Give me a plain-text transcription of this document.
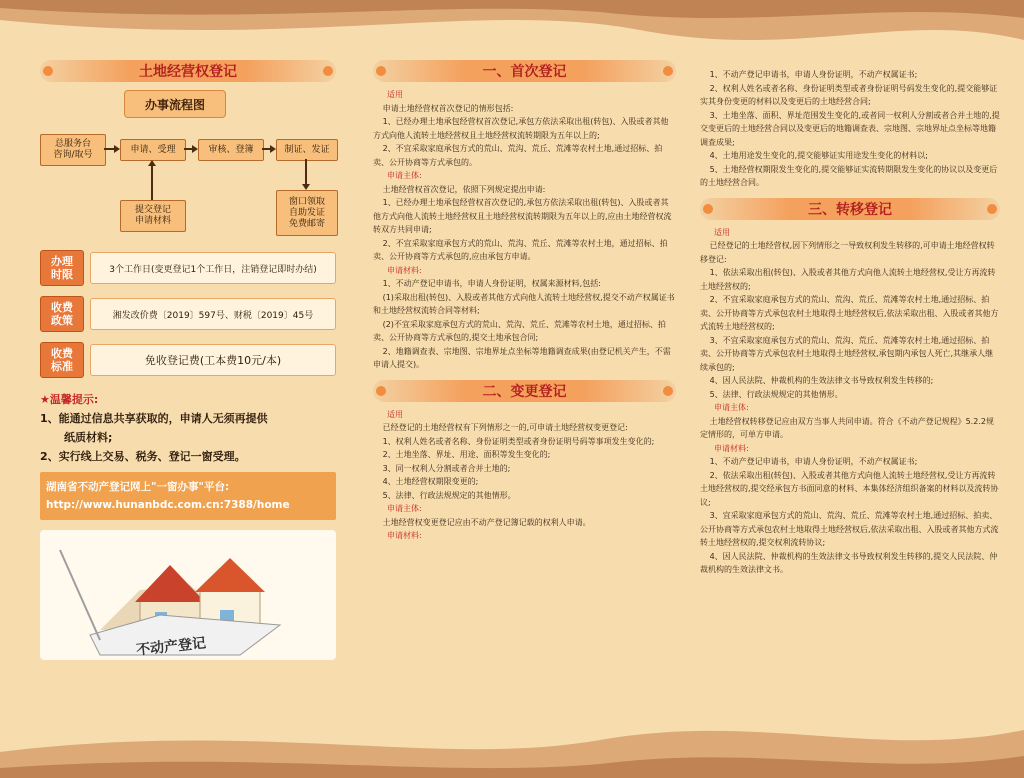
土地经营权登记
办事流程图
总服务台
咨询/取号
申请、受理	审核、登簿	制证、发证
提交登记
申请材料
窗口领取
自助发证
免费邮寄
办理
时限	3个工作日(变更登记1个工作日，注销登记即时办结)
收费
政策	湘发改价费〔2019〕597号、财税〔2019〕45号
收费
标准	免收登记费(工本费10元/本)
★温馨提示:
1、能通过信息共享获取的，申请人无须再提供
纸质材料;
2、实行线上交易、税务、登记一窗受理。
湖南省不动产登记网上"一窗办事"平台:
http://www.hunanbdc.com.cn:7388/home
不动产登记
一、首次登记

适用

申请土地经营权首次登记的情形包括:

1、已经办理土地承包经营权首次登记,承包方依法采取出租(转包)、入股或者其他方式向他人流转土地经营权且土地经营权流转期限为五年以上的;

2、不宜采取家庭承包方式的荒山、荒沟、荒丘、荒滩等农村土地,通过招标、拍卖、公开协商等方式承包的。

申请主体:

土地经营权首次登记，依照下列规定提出申请:

1、已经办理土地承包经营权首次登记的,承包方依法采取出租(转包)、入股或者其他方式向他人流转土地经营权且土地经营权流转期限为五年以上的,应由土地经营权流转双方共同申请;

2、不宜采取家庭承包方式的荒山、荒沟、荒丘、荒滩等农村土地，通过招标、拍卖、公开协商等方式承包的,应由承包方申请。

申请材料:

1、不动产登记申请书，申请人身份证明，权属来源材料,包括:

(1)采取出租(转包)、入股或者其他方式向他人流转土地经营权,提交不动产权属证书和土地经营权流转合同等材料;

(2)不宜采取家庭承包方式的荒山、荒沟、荒丘、荒滩等农村土地，通过招标、拍卖、公开协商等方式承包的,提交土地承包合同;

2、地籍调查表、宗地图、宗地界址点坐标等地籍调查成果(由登记机关产生，不需申请人提交)。

二、变更登记

适用

已经登记的土地经营权有下列情形之一的,可申请土地经营权变更登记:

1、权利人姓名或者名称、身份证明类型或者身份证明号码等事项发生变化的;

2、土地坐落、界址、用途、面积等发生变化的;

3、同一权利人分割或者合并土地的;

4、土地经营权期限变更的;

5、法律、行政法规规定的其他情形。

申请主体:

土地经营权变更登记应由不动产登记簿记载的权利人申请。

申请材料:

1、不动产登记申请书，申请人身份证明，不动产权属证书;

2、权利人姓名或者名称、身份证明类型或者身份证明号码发生变化的,提交能够证实其身份变更的材料以及变更后的土地经营合同;

3、土地坐落、面积、界址范围发生变化的,或者同一权利人分割或者合并土地的,提交变更后的土地经营合同以及变更后的地籍调查表、宗地图、宗地界址点坐标等地籍调查成果;

4、土地用途发生变化的,提交能够证实用途发生变化的材料以;

5、土地经营权期限发生变化的,提交能够证实流转期限发生变化的协议以及变更后的土地经营合同。

三、转移登记

适用

已经登记的土地经营权,因下列情形之一导致权利发生转移的,可申请土地经营权转移登记:

1、依法采取出租(转包)、入股或者其他方式向他人流转土地经营权,受让方再流转土地经营权的;

2、不宜采取家庭承包方式的荒山、荒沟、荒丘、荒滩等农村土地,通过招标、拍卖、公开协商等方式承包农村土地取得土地经营权后,依法采取出租、入股或者其他方式流转土地经营权的;

3、不宜采取家庭承包方式的荒山、荒沟、荒丘、荒滩等农村土地,通过招标、拍卖、公开协商等方式承包农村土地取得土地经营权,承包期内承包人死亡,其继承人继续承包的;

4、因人民法院、仲裁机构的生效法律文书导致权利发生转移的;

5、法律、行政法规规定的其他情形。

申请主体:

土地经营权转移登记应由双方当事人共同申请。符合《不动产登记规程》5.2.2规定情形的，可单方申请。

申请材料:

1、不动产登记申请书，申请人身份证明，不动产权属证书;

2、依法采取出租(转包)、入股或者其他方式向他人流转土地经营权,受让方再流转土地经营权的,提交经承包方书面同意的材料、本集体经济组织备案的材料以及流转协议;

3、宜采取家庭承包方式的荒山、荒沟、荒丘、荒滩等农村土地,通过招标、拍卖、公开协商等方式承包农村土地取得土地经营权后,依法采取出租、入股或者其他方式流转土地经营权的,提交权利流转协议;

4、因人民法院、仲裁机构的生效法律文书导致权利发生转移的,提交人民法院、仲裁机构的生效法律文书。
